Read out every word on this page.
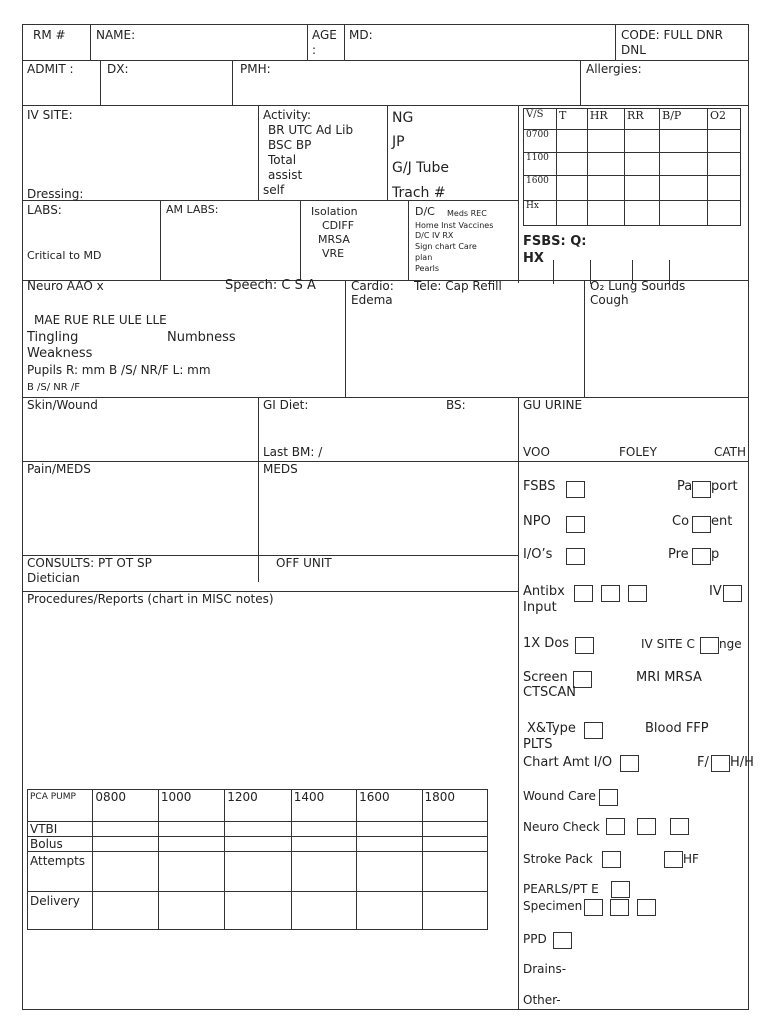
RM #	NAME:	AGE
:
MD:	CODE: FULL DNR
DNL
ADMIT :	DX:	PMH:	Allergies:
IV SITE:
Dressing:
Activity:
BR UTC Ad Lib
BSC BP
Total
assist
self
NG
JP
G/J Tube
Trach #
V/S	T	HR	RR	B/P	O2
0700					
1100					
1600					
Hx					
FSBS: Q:
HX
LABS:
Critical to MD
AM LABS:	Isolation
CDIFF
MRSA
VRE
D/C Meds REC
Home Inst Vaccines
D/C IV RX
Sign chart Care
plan
Pearls
Neuro AAO x	Speech: C S A
MAE RUE RLE ULE LLE
Tingling	Numbness
Weakness
Pupils R: mm B /S/ NR/F L: mm
B /S/ NR /F
Cardio:
Edema
Tele: Cap Refill	O₂ Lung Sounds
Cough
Skin/Wound	GI Diet:	BS:
Last BM: /
GU URINE
VOO	FOLEY	CATH
Pain/MEDS	MEDS
CONSULTS: PT OT SP	OFF UNIT
Dietician
Procedures/Reports (chart in MISC notes)
PCA PUMP	0800	1000	1200	1400	1600	1800
VTBI						
Bolus						
Attempts						
Delivery						
FSBS	Pa port
NPO	Co ent
I/O’s	Pre p
Antibx	IV
Input
1X Dos	IV SITE C nge
Screen	MRI MRSA
CTSCAN
X&Type	Blood FFP
PLTS
Chart Amt I/O	F/ H/H
Wound Care
Neuro Check
Stroke Pack	HF
PEARLS/PT E
Specimen
PPD
Drains-
Other-
